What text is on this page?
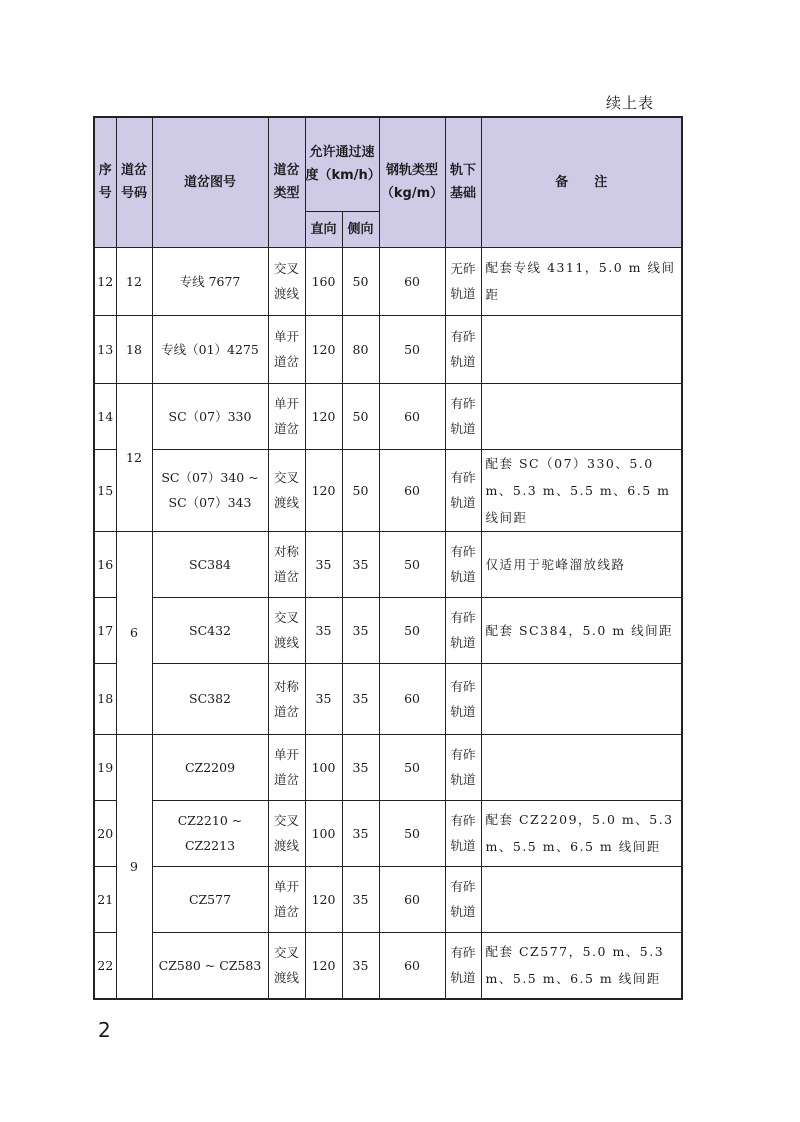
续上表
序号	道岔号码	道岔图号	道岔类型	允许通过速度（km/h）		钢轨类型（kg/m）	轨下基础	备　　注
				直向	侧向			
12	12	专线 7677	交叉渡线	160	50	60	无砟轨道	配套专线 4311，5.0 m 线间距
13	18	专线（01）4275	单开道岔	120	80	50	有砟轨道	
14	12	SC（07）330	单开道岔	120	50	60	有砟轨道	
15		SC（07）340 ~ SC（07）343	交叉渡线	120	50	60	有砟轨道	配套 SC（07）330、5.0 m、5.3 m、5.5 m、6.5 m 线间距
16	6	SC384	对称道岔	35	35	50	有砟轨道	仅适用于驼峰溜放线路
17		SC432	交叉渡线	35	35	50	有砟轨道	配套 SC384，5.0 m 线间距
18		SC382	对称道岔	35	35	60	有砟轨道	
19	9	CZ2209	单开道岔	100	35	50	有砟轨道	
20		CZ2210 ~ CZ2213	交叉渡线	100	35	50	有砟轨道	配套 CZ2209，5.0 m、5.3 m、5.5 m、6.5 m 线间距
21		CZ577	单开道岔	120	35	60	有砟轨道	
22		CZ580 ~ CZ583	交叉渡线	120	35	60	有砟轨道	配套 CZ577，5.0 m、5.3 m、5.5 m、6.5 m 线间距
2
